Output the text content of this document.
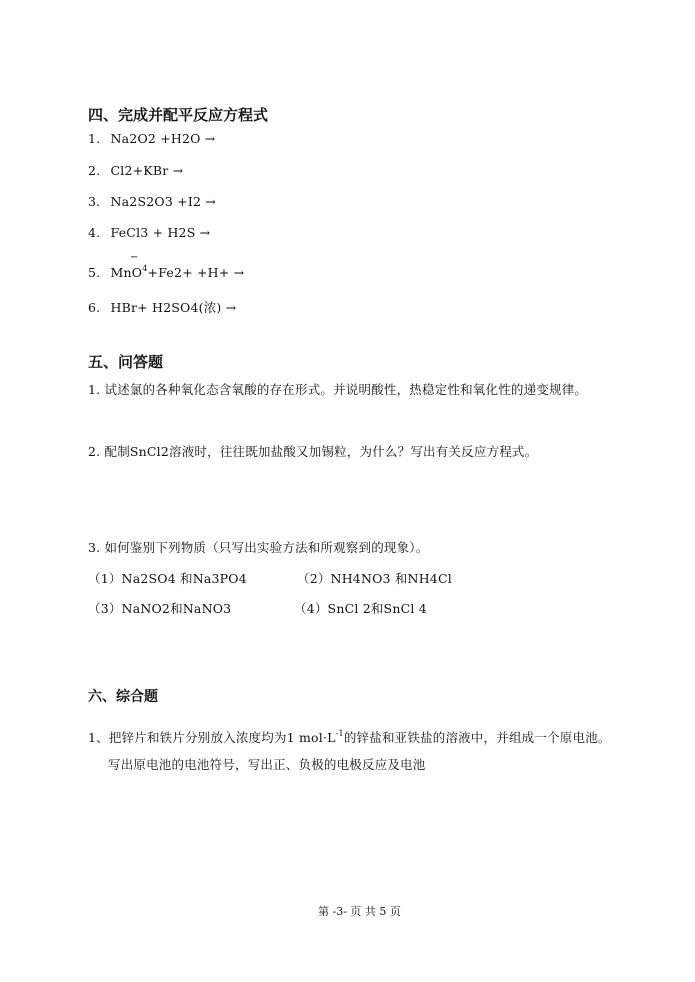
四、完成并配平反应方程式
1. Na2O2 +H2O →
2. Cl2+KBr →
3. Na2S2O3 +I2 →
4. FeCl3 + H2S →
−
5. MnO$^4$+Fe2+ +H+ →
6. HBr+ H2SO4(浓) →
五、问答题
1. 试述氯的各种氧化态含氧酸的存在形式。并说明酸性，热稳定性和氧化性的递变规律。
2. 配制SnCl2溶液时，往往既加盐酸又加锡粒，为什么？写出有关反应方程式。
3. 如何鉴别下列物质（只写出实验方法和所观察到的现象）。
（1）Na2SO4 和Na3PO4	（2）NH4NO3 和NH4Cl
（3）NaNO2和NaNO3	（4）SnCl 2和SnCl 4
六、综合题
1、把锌片和铁片分别放入浓度均为1 $mol\cdot L^{-1}$的锌盐和亚铁盐的溶液中，并组成一个原电池。
写出原电池的电池符号，写出正、负极的电极反应及电池
第 -3- 页 共 5 页
